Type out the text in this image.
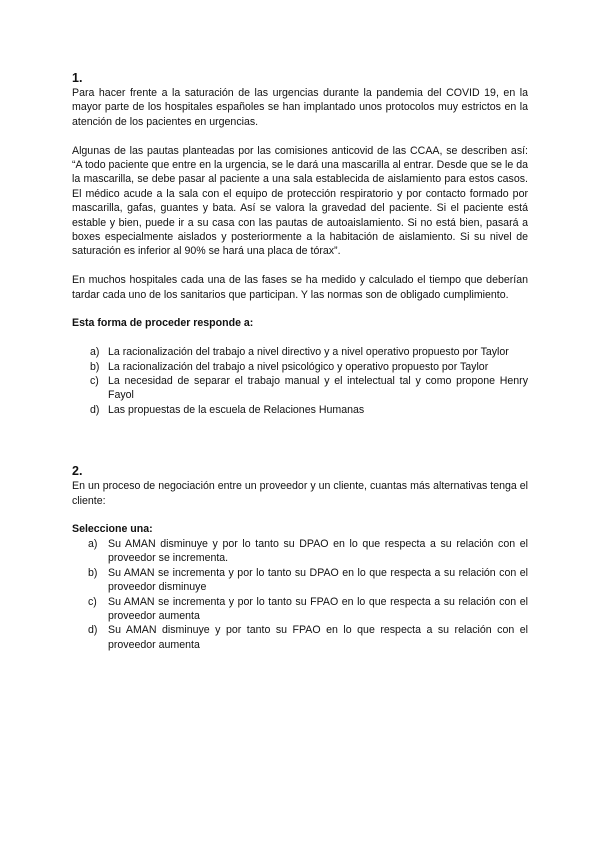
1.

Para hacer frente a la saturación de las urgencias durante la pandemia del COVID 19, en la mayor parte de los hospitales españoles se han implantado unos protocolos muy estrictos en la atención de los pacientes en urgencias.

Algunas de las pautas planteadas por las comisiones anticovid de las CCAA, se describen así: “A todo paciente que entre en la urgencia, se le dará una mascarilla al entrar. Desde que se le da la mascarilla, se debe pasar al paciente a una sala establecida de aislamiento para estos casos. El médico acude a la sala con el equipo de protección respiratorio y por contacto formado por mascarilla, gafas, guantes y bata. Así se valora la gravedad del paciente. Si el paciente está estable y bien, puede ir a su casa con las pautas de autoaislamiento. Si no está bien, pasará a boxes especialmente aislados y posteriormente a la habitación de aislamiento. Si su nivel de saturación es inferior al 90% se hará una placa de tórax”.

En muchos hospitales cada una de las fases se ha medido y calculado el tiempo que deberían tardar cada uno de los sanitarios que participan. Y las normas son de obligado cumplimiento.

Esta forma de proceder responde a:

a) La racionalización del trabajo a nivel directivo y a nivel operativo propuesto por Taylor
b) La racionalización del trabajo a nivel psicológico y operativo propuesto por Taylor
c) La necesidad de separar el trabajo manual y el intelectual tal y como propone Henry Fayol
d) Las propuestas de la escuela de Relaciones Humanas

2.

En un proceso de negociación entre un proveedor y un cliente, cuantas más alternativas tenga el cliente:

Seleccione una:

a) Su AMAN disminuye y por lo tanto su DPAO en lo que respecta a su relación con el proveedor se incrementa.
b) Su AMAN se incrementa y por lo tanto su DPAO en lo que respecta a su relación con el proveedor disminuye
c)	Su AMAN se incrementa y por lo tanto su FPAO en lo que respecta a su relación con el proveedor aumenta
d) Su AMAN disminuye y por tanto su FPAO en lo que respecta a su relación con el proveedor aumenta
